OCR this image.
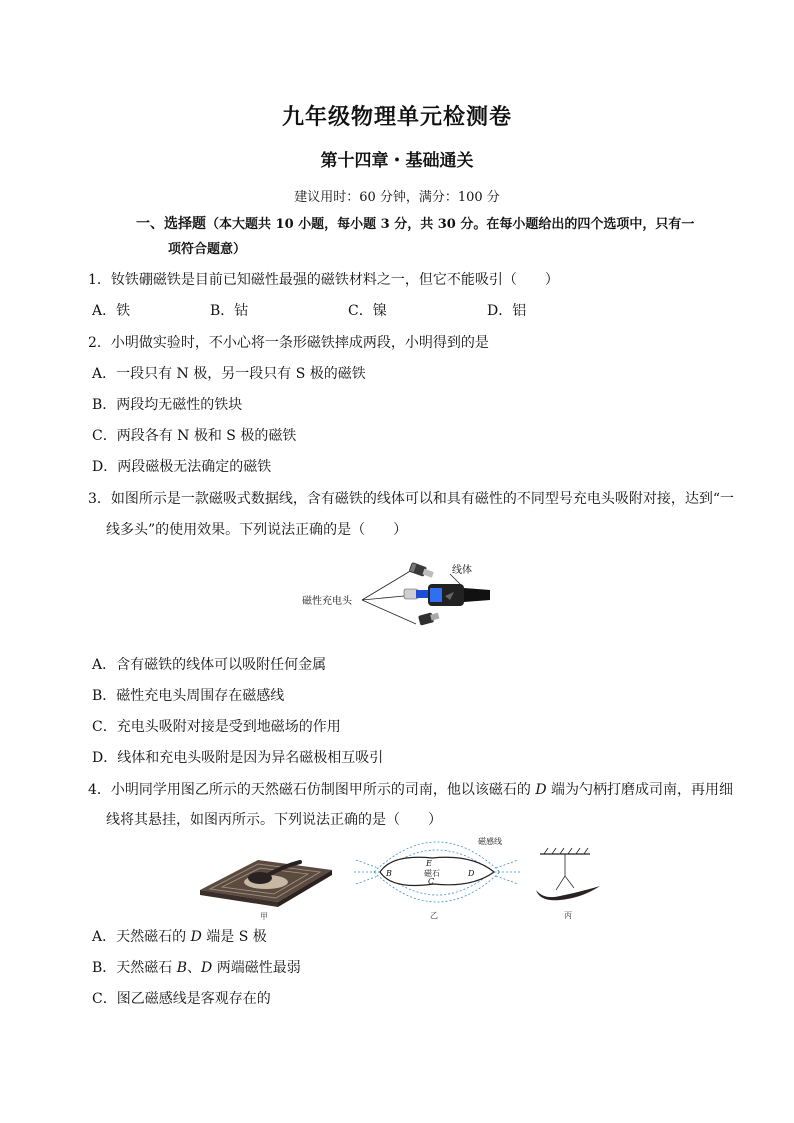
九年级物理单元检测卷
第十四章・基础通关
建议用时：60 分钟，满分：100 分
一、选择题（本大题共 10 小题，每小题 3 分，共 30 分。在每小题给出的四个选项中，只有一
项符合题意）
1．钕铁硼磁铁是目前已知磁性最强的磁铁材料之一，但它不能吸引（　　）
A．铁	B．钴	C．镍	D．铝
2．小明做实验时，不小心将一条形磁铁摔成两段，小明得到的是
A．一段只有 N 极，另一段只有 S 极的磁铁
B．两段均无磁性的铁块
C．两段各有 N 极和 S 极的磁铁
D．两段磁极无法确定的磁铁
3．如图所示是一款磁吸式数据线，含有磁铁的线体可以和具有磁性的不同型号充电头吸附对接，达到“一
线多头”的使用效果。下列说法正确的是（　　）
线体
磁性充电头
A．含有磁铁的线体可以吸附任何金属
B．磁性充电头周围存在磁感线
C．充电头吸附对接是受到地磁场的作用
D．线体和充电头吸附是因为异名磁极相互吸引
4．小明同学用图乙所示的天然磁石仿制图甲所示的司南，他以该磁石的 D 端为勺柄打磨成司南，再用细
线将其悬挂，如图丙所示。下列说法正确的是（　　）
甲
B
E
磁石
C
D
磁感线
乙	丙
A．天然磁石的 D 端是 S 极
B．天然磁石 B、D 两端磁性最弱
C．图乙磁感线是客观存在的
